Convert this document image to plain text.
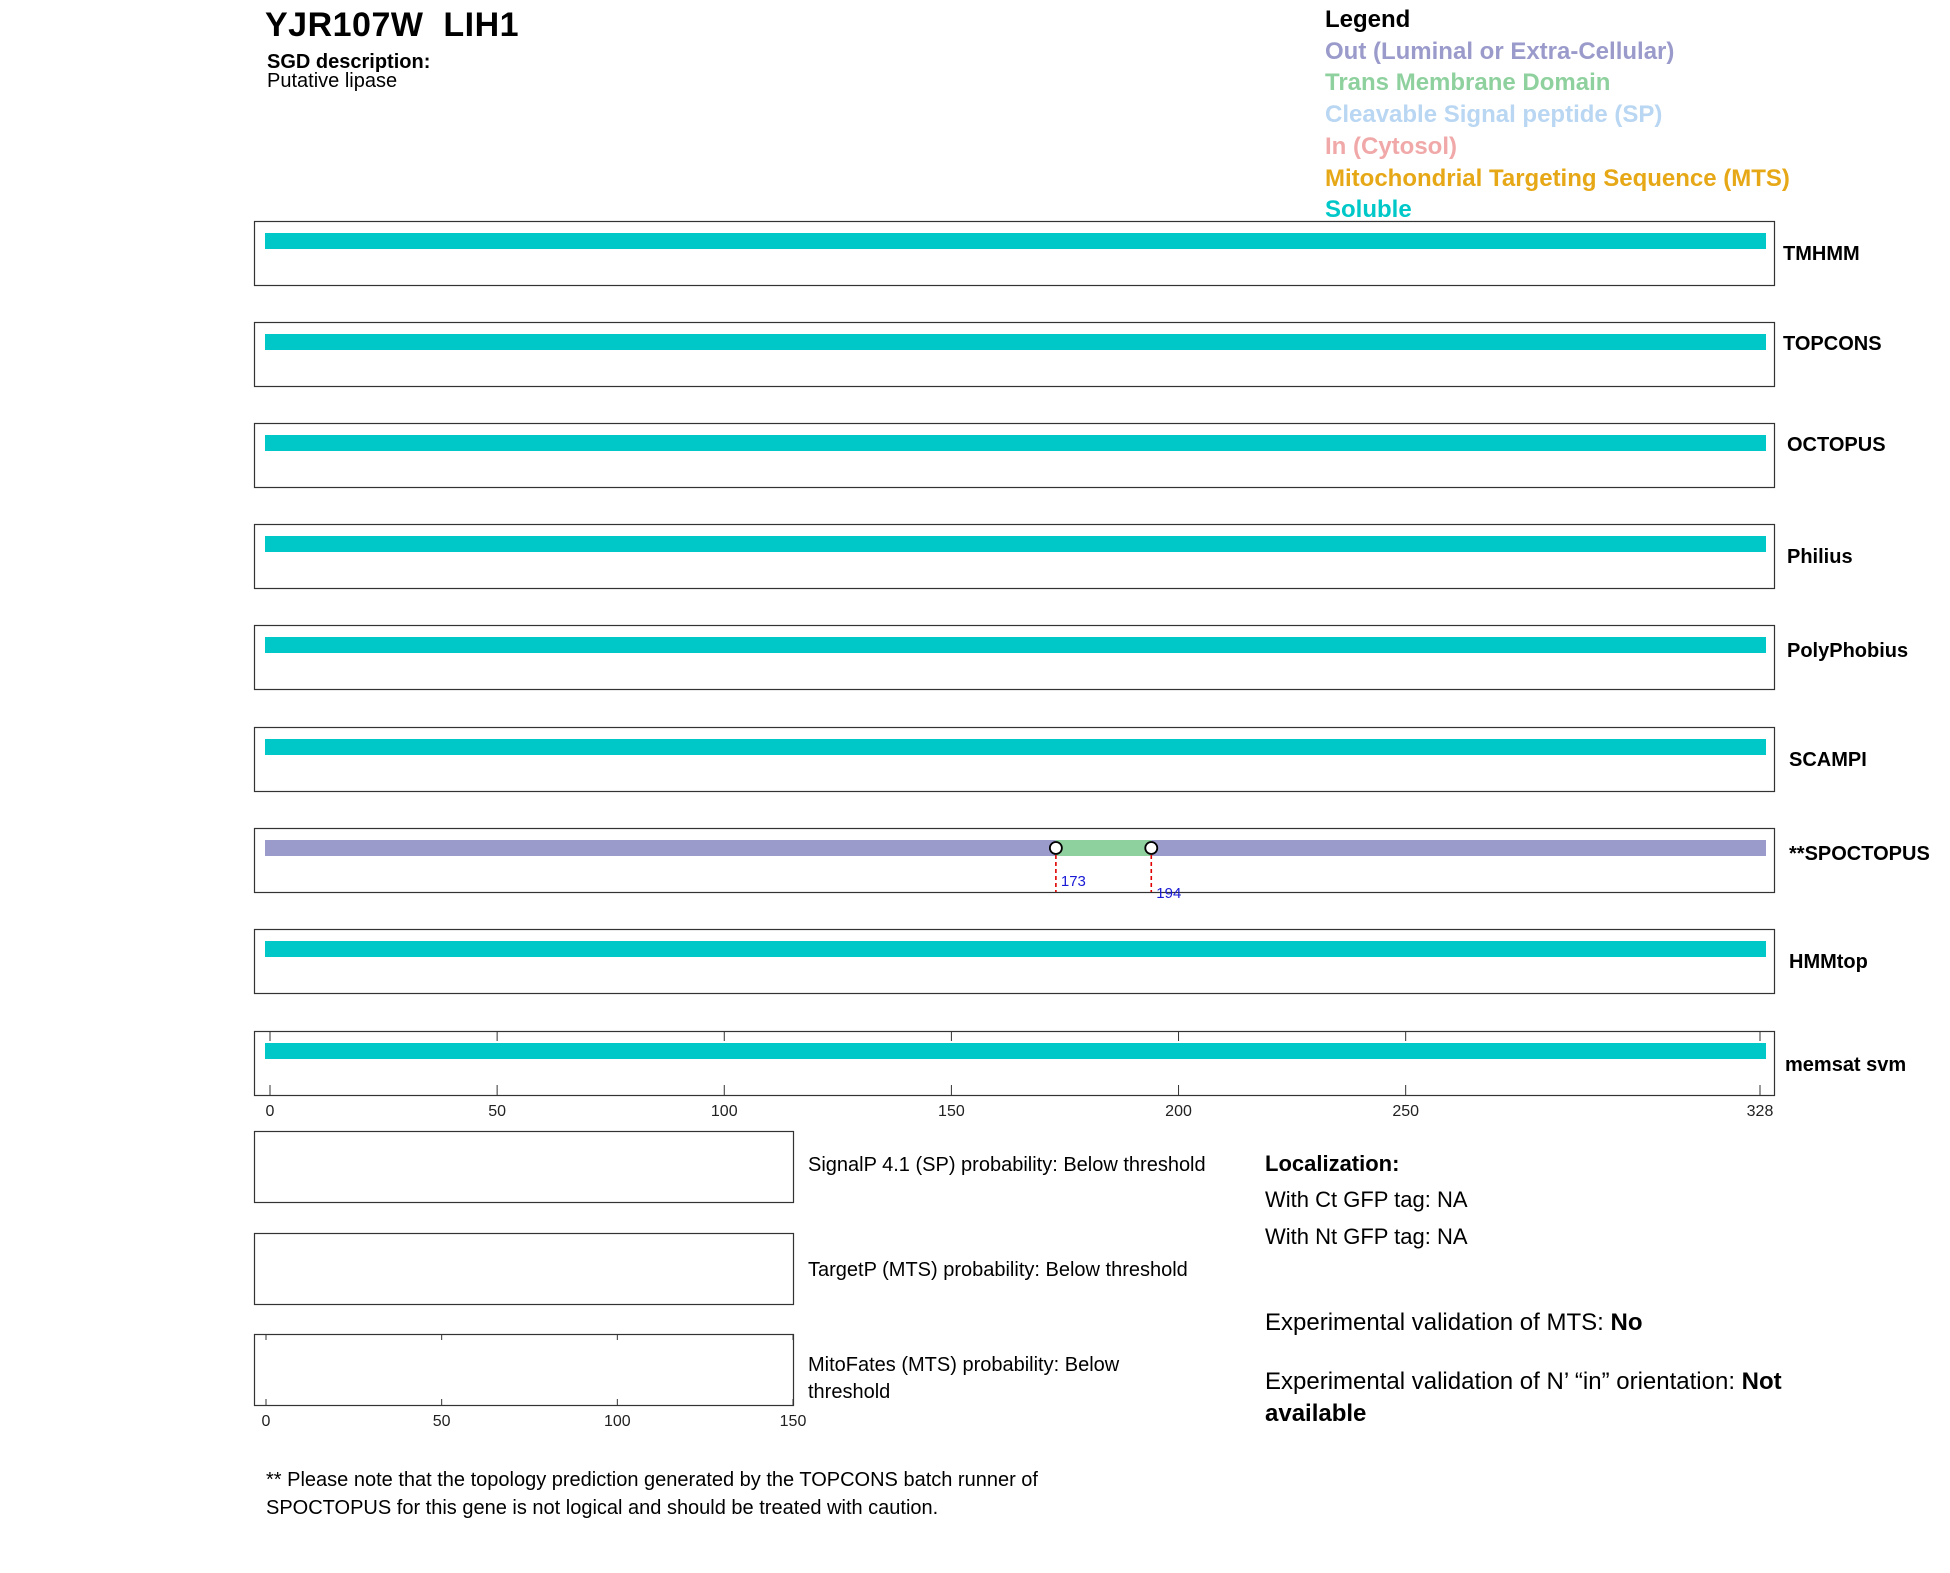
YJR107W LIH1
SGD description:
Putative lipase
Legend
Out (Luminal or Extra-Cellular)
Trans Membrane Domain
Cleavable Signal peptide (SP)
In (Cytosol)
Mitochondrial Targeting Sequence (MTS)
Soluble
173
194
0	50	100	150	200	250	328
0	50	100	150
TMHMM
TOPCONS
OCTOPUS
Philius
PolyPhobius
SCAMPI
**SPOCTOPUS
HMMtop
memsat svm
SignalP 4.1 (SP) probability: Below threshold
TargetP (MTS) probability: Below threshold
MitoFates (MTS) probability: Below
threshold
Localization:
With Ct GFP tag: NA
With Nt GFP tag: NA
Experimental validation of MTS: No
Experimental validation of N’ “in” orientation: Not available
** Please note that the topology prediction generated by the TOPCONS batch runner of
SPOCTOPUS for this gene is not logical and should be treated with caution.
